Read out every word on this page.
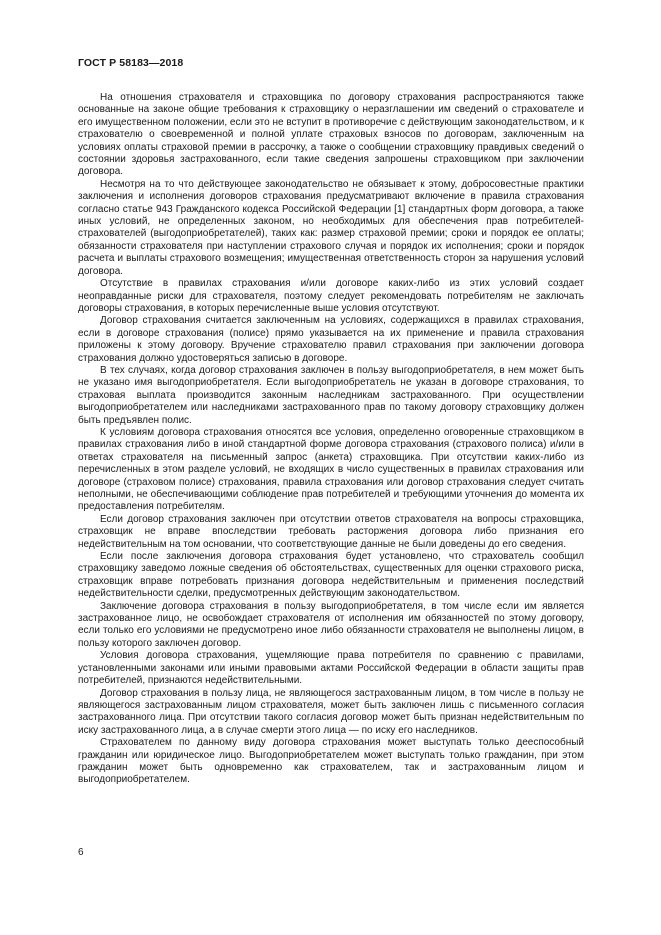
ГОСТ Р 58183—2018

На отношения страхователя и страховщика по договору страхования распространяются также основанные на законе общие требования к страховщику о неразглашении им сведений о страхователе и его имущественном положении, если это не вступит в противоречие с действующим законодательством, и к страхователю о своевременной и полной уплате страховых взносов по договорам, заключенным на условиях оплаты страховой премии в рассрочку, а также о сообщении страховщику правдивых сведений о состоянии здоровья застрахованного, если такие сведения запрошены страховщиком при заключении договора.

Несмотря на то что действующее законодательство не обязывает к этому, добросовестные практики заключения и исполнения договоров страхования предусматривают включение в правила страхования согласно статье 943 Гражданского кодекса Российской Федерации [1] стандартных форм договора, а также иных условий, не определенных законом, но необходимых для обеспечения прав потребителей-страхователей (выгодоприобретателей), таких как: размер страховой премии; сроки и порядок ее оплаты; обязанности страхователя при наступлении страхового случая и порядок их исполнения; сроки и порядок расчета и выплаты страхового возмещения; имущественная ответственность сторон за нарушения условий договора.

Отсутствие в правилах страхования и/или договоре каких-либо из этих условий создает неоправданные риски для страхователя, поэтому следует рекомендовать потребителям не заключать договоры страхования, в которых перечисленные выше условия отсутствуют.

Договор страхования считается заключенным на условиях, содержащихся в правилах страхования, если в договоре страхования (полисе) прямо указывается на их применение и правила страхования приложены к этому договору. Вручение страхователю правил страхования при заключении договора страхования должно удостоверяться записью в договоре.

В тех случаях, когда договор страхования заключен в пользу выгодоприобретателя, в нем может быть не указано имя выгодоприобретателя. Если выгодоприобретатель не указан в договоре страхования, то страховая выплата производится законным наследникам застрахованного. При осуществлении выгодоприобретателем или наследниками застрахованного прав по такому договору страховщику должен быть предъявлен полис.

К условиям договора страхования относятся все условия, определенно оговоренные страховщиком в правилах страхования либо в иной стандартной форме договора страхования (страхового полиса) и/или в ответах страхователя на письменный запрос (анкета) страховщика. При отсутствии каких-либо из перечисленных в этом разделе условий, не входящих в число существенных в правилах страхования или договоре (страховом полисе) страхования, правила страхования или договор страхования следует считать неполными, не обеспечивающими соблюдение прав потребителей и требующими уточнения до момента их предоставления потребителям.

Если договор страхования заключен при отсутствии ответов страхователя на вопросы страховщика, страховщик не вправе впоследствии требовать расторжения договора либо признания его недействительным на том основании, что соответствующие данные не были доведены до его сведения.

Если после заключения договора страхования будет установлено, что страхователь сообщил страховщику заведомо ложные сведения об обстоятельствах, существенных для оценки страхового риска, страховщик вправе потребовать признания договора недействительным и применения последствий недействительности сделки, предусмотренных действующим законодательством.

Заключение договора страхования в пользу выгодоприобретателя, в том числе если им является застрахованное лицо, не освобождает страхователя от исполнения им обязанностей по этому договору, если только его условиями не предусмотрено иное либо обязанности страхователя не выполнены лицом, в пользу которого заключен договор.

Условия договора страхования, ущемляющие права потребителя по сравнению с правилами, установленными законами или иными правовыми актами Российской Федерации в области защиты прав потребителей, признаются недействительными.

Договор страхования в пользу лица, не являющегося застрахованным лицом, в том числе в пользу не являющегося застрахованным лицом страхователя, может быть заключен лишь с письменного согласия застрахованного лица. При отсутствии такого согласия договор может быть признан недействительным по иску застрахованного лица, а в случае смерти этого лица — по иску его наследников.

Страхователем по данному виду договора страхования может выступать только дееспособный гражданин или юридическое лицо. Выгодоприобретателем может выступать только гражданин, при этом гражданин может быть одновременно как страхователем, так и застрахованным лицом и выгодоприобретателем.

6
